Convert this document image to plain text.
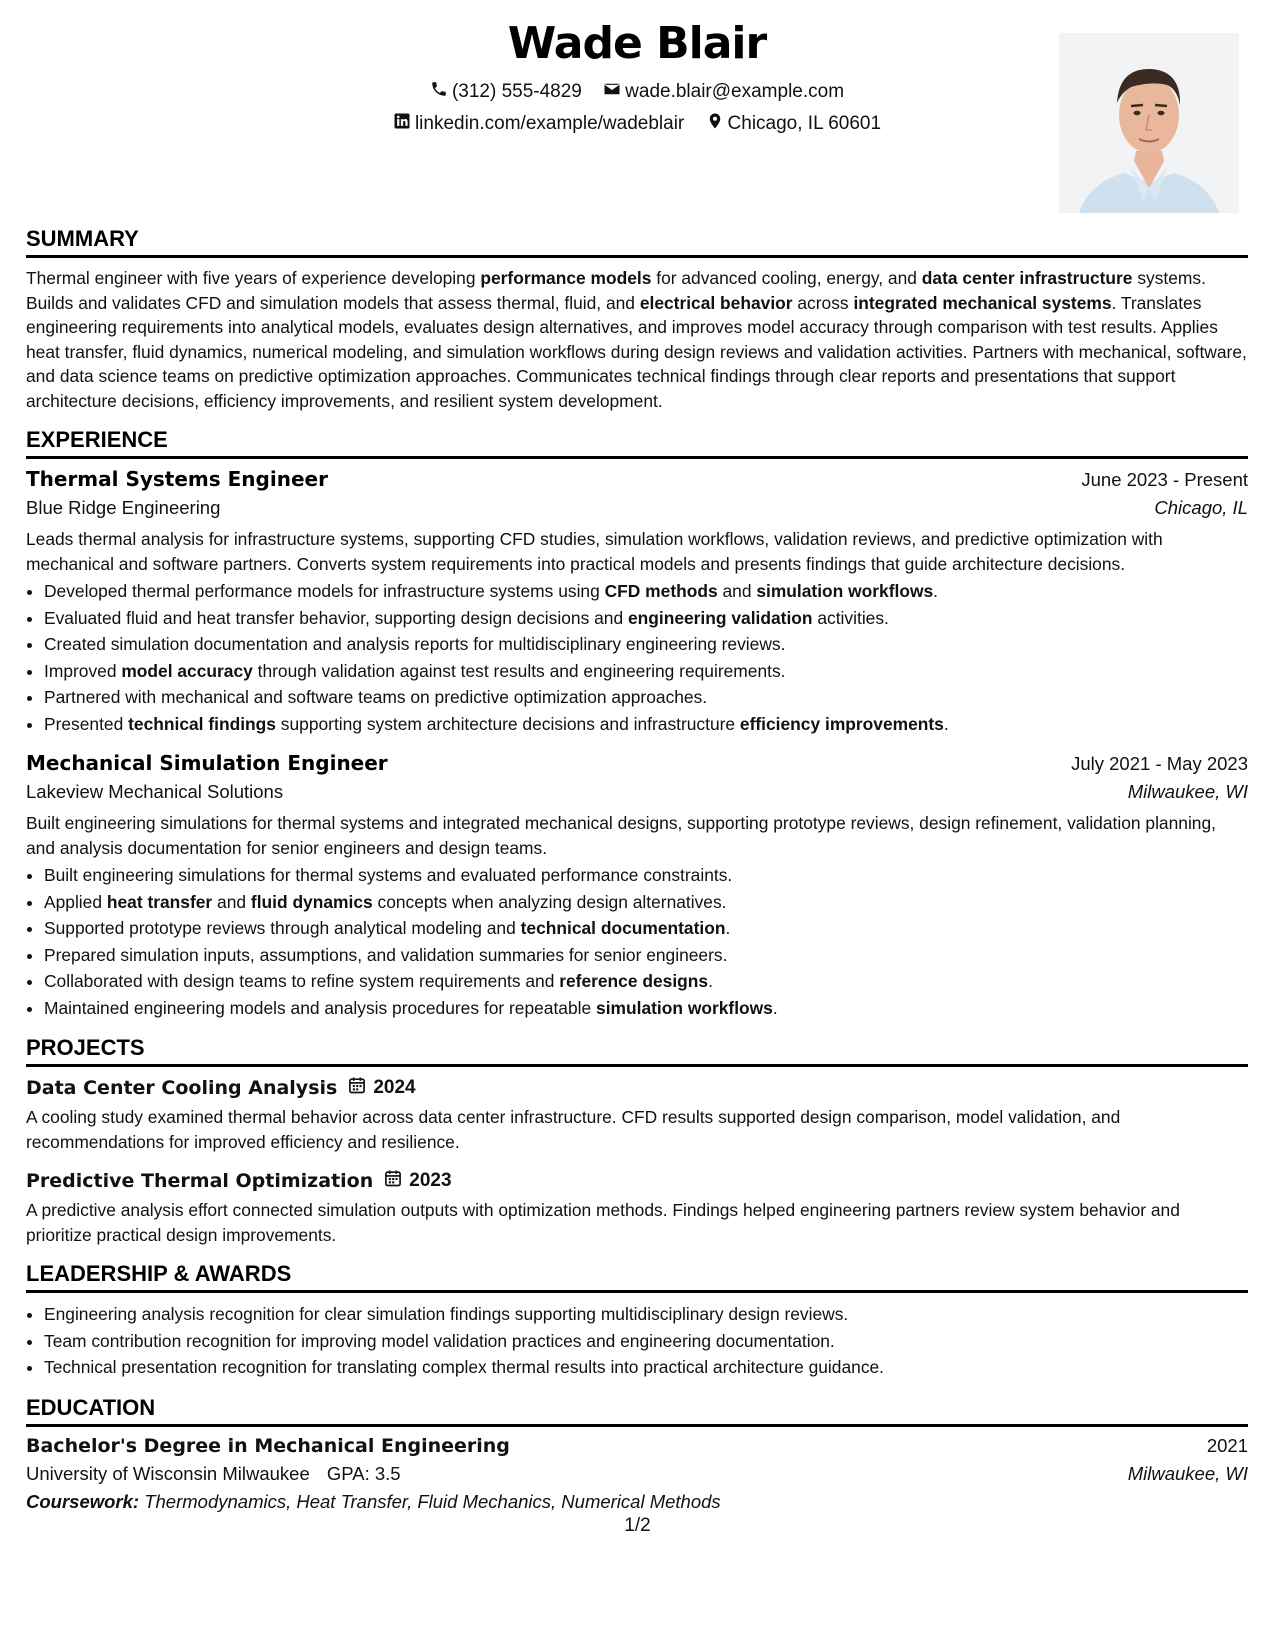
Wade Blair
(312) 555-4829
wade.blair@example.com
linkedin.com/example/wadeblair
Chicago, IL 60601
SUMMARY

Thermal engineer with five years of experience developing performance models for advanced cooling, energy, and data center infrastructure systems. Builds and validates CFD and simulation models that assess thermal, fluid, and electrical behavior across integrated mechanical systems. Translates engineering requirements into analytical models, evaluates design alternatives, and improves model accuracy through comparison with test results. Applies heat transfer, fluid dynamics, numerical modeling, and simulation workflows during design reviews and validation activities. Partners with mechanical, software, and data science teams on predictive optimization approaches. Communicates technical findings through clear reports and presentations that support architecture decisions, efficiency improvements, and resilient system development.

EXPERIENCE
Thermal Systems Engineer	June 2023 - Present
Blue Ridge Engineering	Chicago, IL

Leads thermal analysis for infrastructure systems, supporting CFD studies, simulation workflows, validation reviews, and predictive optimization with mechanical and software partners. Converts system requirements into practical models and presents findings that guide architecture decisions.

• Developed thermal performance models for infrastructure systems using CFD methods and simulation workflows.
• Evaluated fluid and heat transfer behavior, supporting design decisions and engineering validation activities.
• Created simulation documentation and analysis reports for multidisciplinary engineering reviews.
• Improved model accuracy through validation against test results and engineering requirements.
• Partnered with mechanical and software teams on predictive optimization approaches.
• Presented technical findings supporting system architecture decisions and infrastructure efficiency improvements.
Mechanical Simulation Engineer	July 2021 - May 2023
Lakeview Mechanical Solutions	Milwaukee, WI

Built engineering simulations for thermal systems and integrated mechanical designs, supporting prototype reviews, design refinement, validation planning, and analysis documentation for senior engineers and design teams.

• Built engineering simulations for thermal systems and evaluated performance constraints.
• Applied heat transfer and fluid dynamics concepts when analyzing design alternatives.
• Supported prototype reviews through analytical modeling and technical documentation.
• Prepared simulation inputs, assumptions, and validation summaries for senior engineers.
• Collaborated with design teams to refine system requirements and reference designs.
• Maintained engineering models and analysis procedures for repeatable simulation workflows.
PROJECTS
Data Center Cooling Analysis 2024

A cooling study examined thermal behavior across data center infrastructure. CFD results supported design comparison, model validation, and recommendations for improved efficiency and resilience.

Predictive Thermal Optimization 2023

A predictive analysis effort connected simulation outputs with optimization methods. Findings helped engineering partners review system behavior and prioritize practical design improvements.

LEADERSHIP & AWARDS
• Engineering analysis recognition for clear simulation findings supporting multidisciplinary design reviews.
• Team contribution recognition for improving model validation practices and engineering documentation.
• Technical presentation recognition for translating complex thermal results into practical architecture guidance.
EDUCATION
Bachelor's Degree in Mechanical Engineering	2021
University of Wisconsin Milwaukee GPA: 3.5	Milwaukee, WI
Coursework: Thermodynamics, Heat Transfer, Fluid Mechanics, Numerical Methods
1/2
